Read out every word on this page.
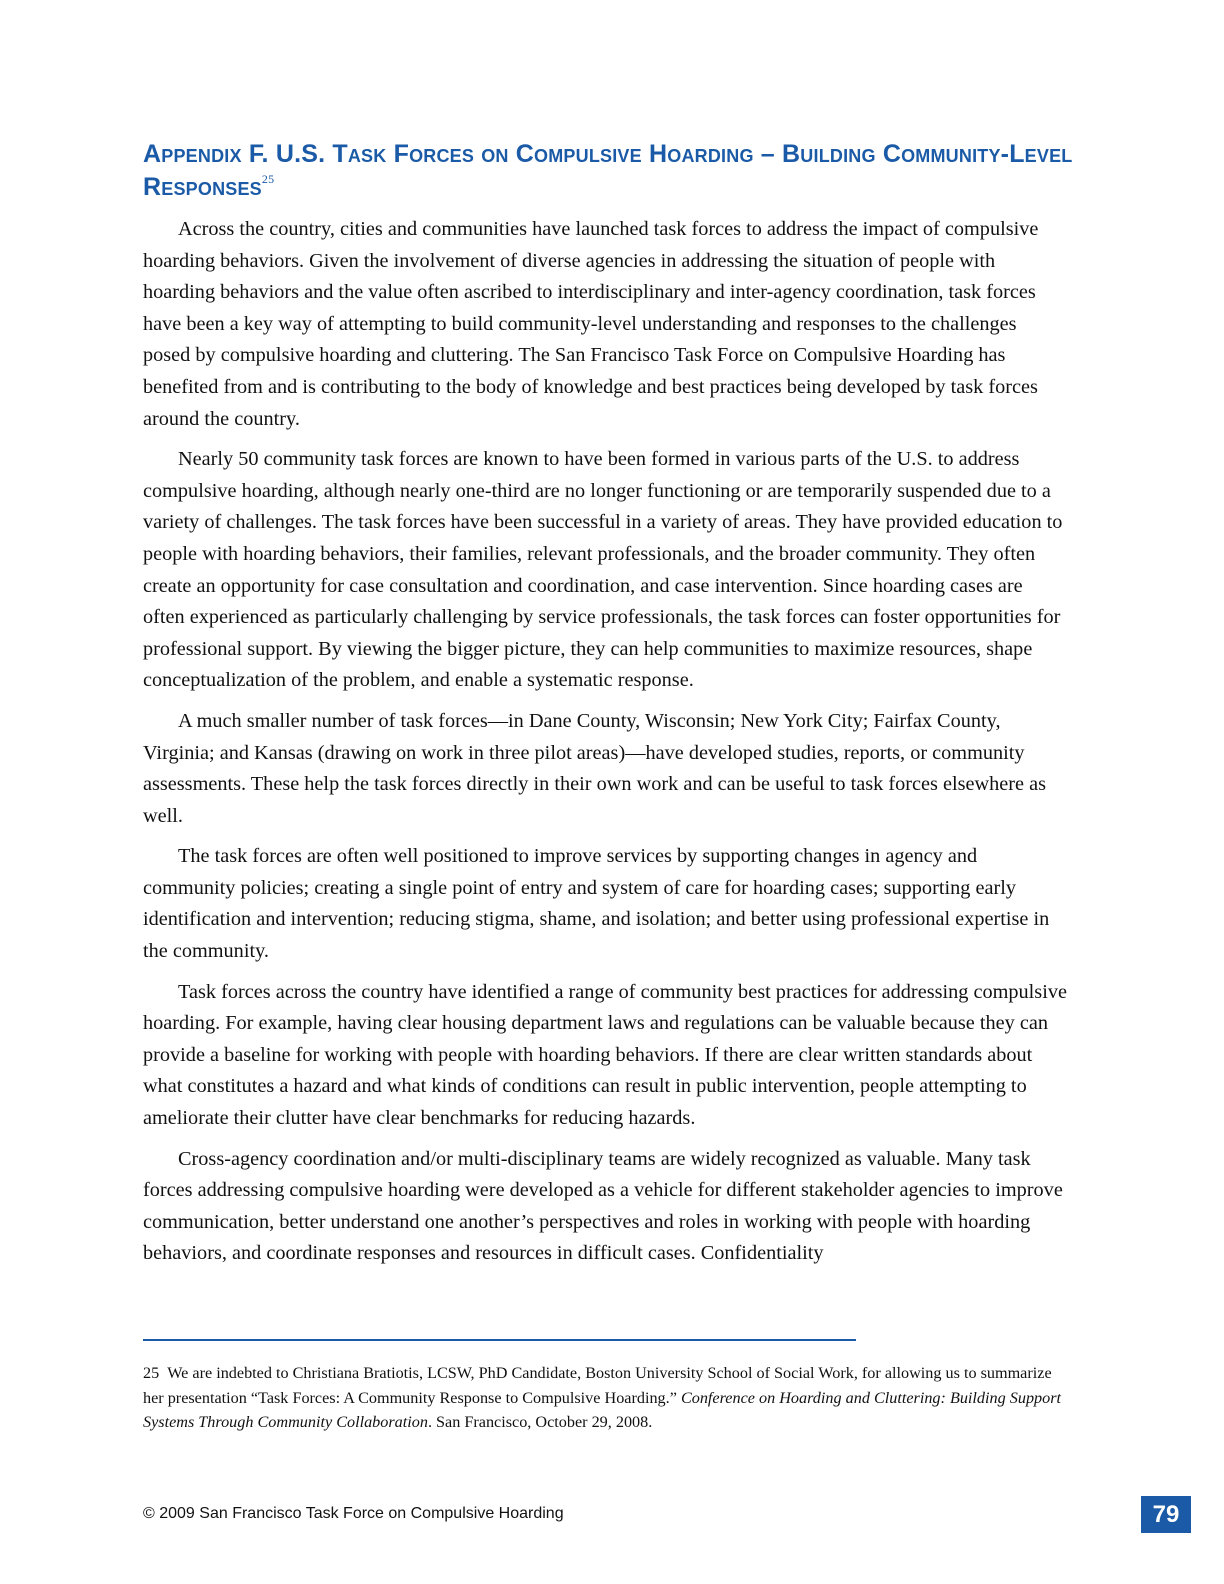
Appendix F. U.S. Task Forces on Compulsive Hoarding – Building Community-Level Responses$^{25}$

Across the country, cities and communities have launched task forces to address the impact of compulsive hoarding behaviors. Given the involvement of diverse agencies in addressing the situation of people with hoarding behaviors and the value often ascribed to interdisciplinary and inter-agency coordination, task forces have been a key way of attempting to build community-level understanding and responses to the challenges posed by compulsive hoarding and cluttering. The San Francisco Task Force on Compulsive Hoarding has benefited from and is contributing to the body of knowledge and best practices being developed by task forces around the country.

Nearly 50 community task forces are known to have been formed in various parts of the U.S. to address compulsive hoarding, although nearly one-third are no longer functioning or are temporarily suspended due to a variety of challenges. The task forces have been successful in a variety of areas. They have provided education to people with hoarding behaviors, their families, relevant professionals, and the broader community. They often create an opportunity for case consultation and coordination, and case intervention. Since hoarding cases are often experienced as particularly challenging by service professionals, the task forces can foster opportunities for professional support. By viewing the bigger picture, they can help communities to maximize resources, shape conceptualization of the problem, and enable a systematic response.

A much smaller number of task forces—in Dane County, Wisconsin; New York City; Fairfax County, Virginia; and Kansas (drawing on work in three pilot areas)—have developed studies, reports, or community assessments. These help the task forces directly in their own work and can be useful to task forces elsewhere as well.

The task forces are often well positioned to improve services by supporting changes in agency and community policies; creating a single point of entry and system of care for hoarding cases; supporting early identification and intervention; reducing stigma, shame, and isolation; and better using professional expertise in the community.

Task forces across the country have identified a range of community best practices for addressing compulsive hoarding. For example, having clear housing department laws and regulations can be valuable because they can provide a baseline for working with people with hoarding behaviors. If there are clear written standards about what constitutes a hazard and what kinds of conditions can result in public intervention, people attempting to ameliorate their clutter have clear benchmarks for reducing hazards.

Cross-agency coordination and/or multi-disciplinary teams are widely recognized as valuable. Many task forces addressing compulsive hoarding were developed as a vehicle for different stakeholder agencies to improve communication, better understand one another’s perspectives and roles in working with people with hoarding behaviors, and coordinate responses and resources in difficult cases. Confidentiality

25 We are indebted to Christiana Bratiotis, LCSW, PhD Candidate, Boston University School of Social Work, for allowing us to summarize her presentation “Task Forces: A Community Response to Compulsive Hoarding.” Conference on Hoarding and Cluttering: Building Support Systems Through Community Collaboration. San Francisco, October 29, 2008.

© 2009 San Francisco Task Force on Compulsive Hoarding	79
